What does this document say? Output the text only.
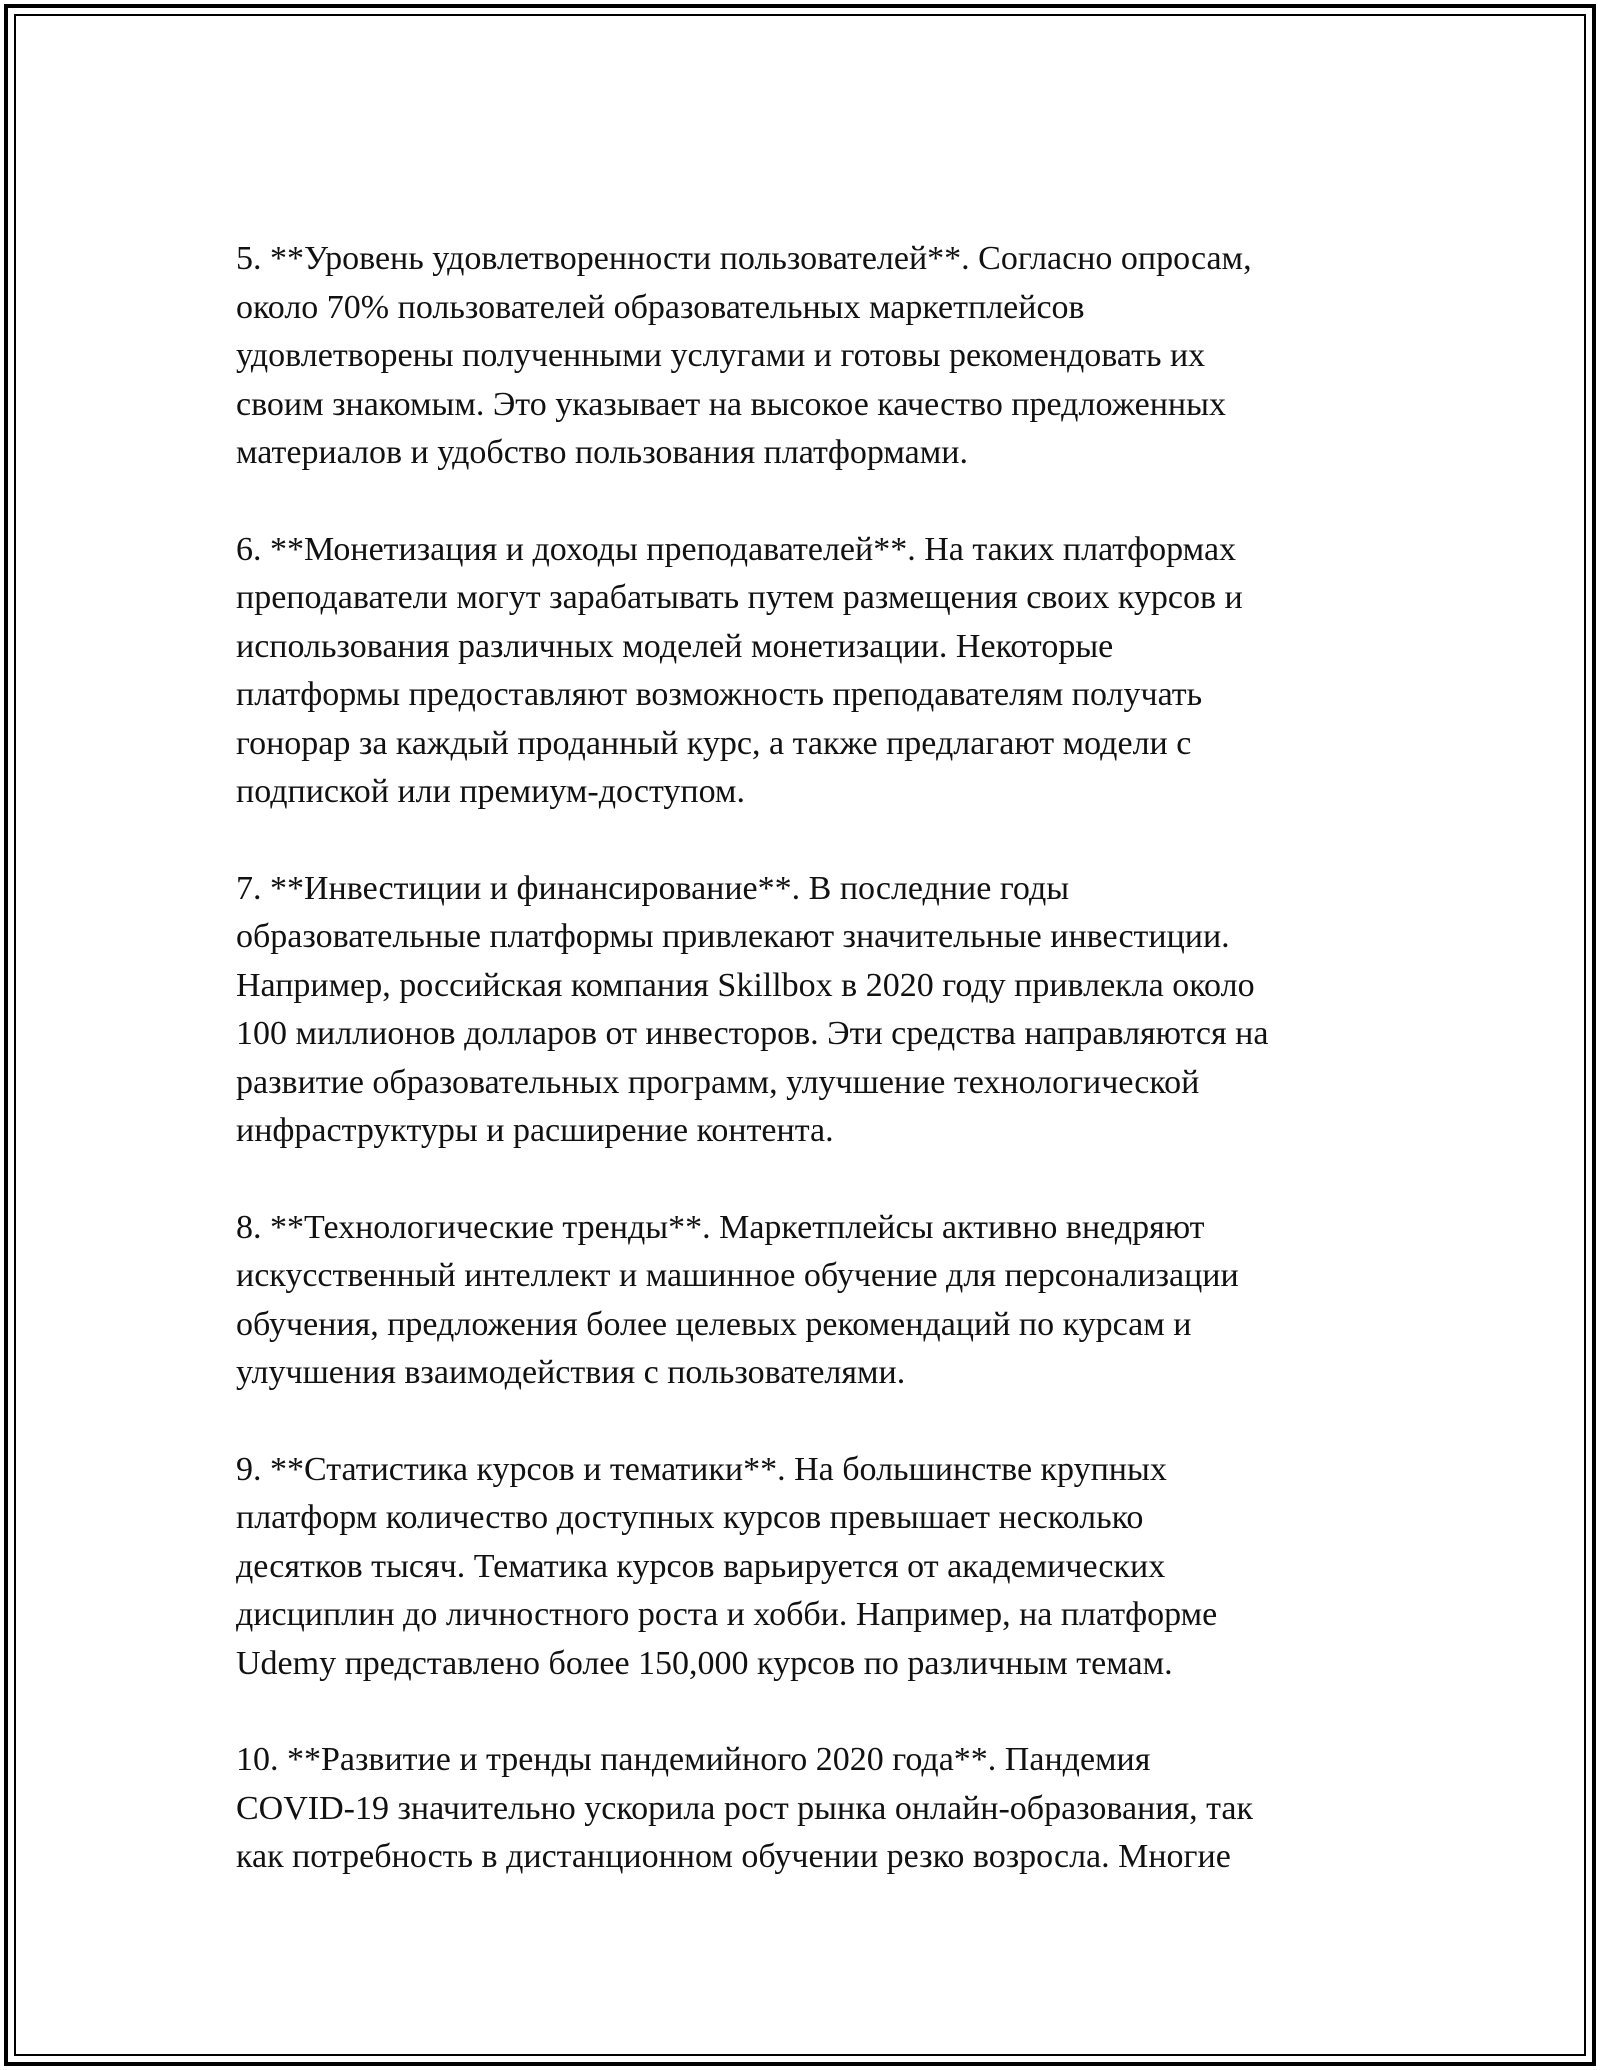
5. **Уровень удовлетворенности пользователей**. Согласно опросам,
около 70% пользователей образовательных маркетплейсов
удовлетворены полученными услугами и готовы рекомендовать их
своим знакомым. Это указывает на высокое качество предложенных
материалов и удобство пользования платформами.

6. **Монетизация и доходы преподавателей**. На таких платформах
преподаватели могут зарабатывать путем размещения своих курсов и
использования различных моделей монетизации. Некоторые
платформы предоставляют возможность преподавателям получать
гонорар за каждый проданный курс, а также предлагают модели с
подпиской или премиум-доступом.

7. **Инвестиции и финансирование**. В последние годы
образовательные платформы привлекают значительные инвестиции.
Например, российская компания Skillbox в 2020 году привлекла около
100 миллионов долларов от инвесторов. Эти средства направляются на
развитие образовательных программ, улучшение технологической
инфраструктуры и расширение контента.

8. **Технологические тренды**. Маркетплейсы активно внедряют
искусственный интеллект и машинное обучение для персонализации
обучения, предложения более целевых рекомендаций по курсам и
улучшения взаимодействия с пользователями.

9. **Статистика курсов и тематики**. На большинстве крупных
платформ количество доступных курсов превышает несколько
десятков тысяч. Тематика курсов варьируется от академических
дисциплин до личностного роста и хобби. Например, на платформе
Udemy представлено более 150,000 курсов по различным темам.

10. **Развитие и тренды пандемийного 2020 года**. Пандемия
COVID-19 значительно ускорила рост рынка онлайн-образования, так
как потребность в дистанционном обучении резко возросла. Многие
